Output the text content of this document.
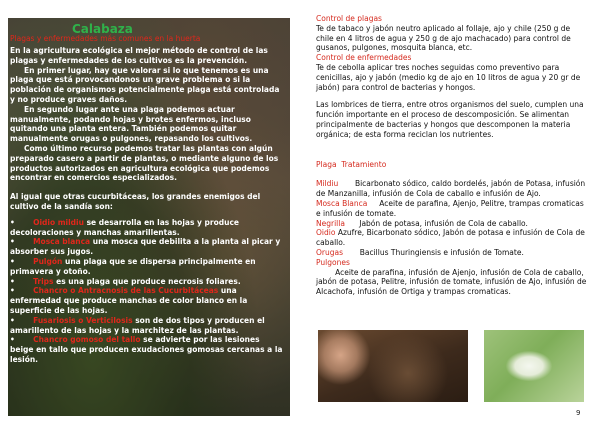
Calabaza
Plagas y enfermedades más comunes en la huerta

En la agricultura ecológica el mejor método de control de las plagas y enfermedades de los cultivos es la prevención.

En primer lugar, hay que valorar si lo que tenemos es una plaga que está provocandonos un grave problema o si la población de organismos potencialmente plaga está controlada y no produce graves daños.

En segundo lugar ante una plaga podemos actuar manualmente, podando hojas y brotes enfermos, incluso quitando una planta entera. También podemos quitar manualmente orugas o pulgones, repasando los cultivos.

Como último recurso podemos tratar las plantas con algún preparado casero a partir de plantas, o mediante alguno de los productos autorizados en agricultura ecológica que podemos encontrar en comercios especializados.

Al igual que otras cucurbitáceas, los grandes enemigos del cultivo de la sandía son:

•       Oidio mildiu se desarrolla en las hojas y produce decoloraciones y manchas amarillentas.

•       Mosca blanca una mosca que debilita a la planta al picar y absorber sus jugos.

•       Pulgón una plaga que se dispersa principalmente en primavera y otoño.

•       Trips es una plaga que produce necrosis foliares.

•       Chancro o Antracnosis de las Cucurbitáceas una enfermedad que produce manchas de color blanco en la superficie de las hojas.

•       Fusariosis o Verticilosis son de dos tipos y producen el amarillento de las hojas y la marchitez de las plantas.

•       Chancro gomoso del tallo se advierte por las lesiones beige en tallo que producen exudaciones gomosas cercanas a la lesión.

Control de plagas

Te de tabaco y jabón neutro aplicado al follaje, ajo y chile (250 g de chile en 4 litros de agua y 250 g de ajo machacado) para control de gusanos, pulgones, mosquita blanca, etc.

Control de enfermedades

Te de cebolla aplicar tres noches seguidas como preventivo para cenicillas, ajo y jabón (medio kg de ajo en 10 litros de agua y 20 gr de jabón) para control de bacterias y hongos.

Las lombrices de tierra, entre otros organismos del suelo, cumplen una función importante en el proceso de descomposición. Se alimentan principalmente de bacterias y hongos que descomponen la materia orgánica; de esta forma reciclan los nutrientes.

Plaga  Tratamiento

Mildiu Bicarbonato sódico, caldo bordelés, jabón de Potasa, infusión de Manzanilla, infusión de Cola de caballo e infusión de Ajo.

Mosca Blanca Aceite de parafina, Ajenjo, Pelitre, trampas cromaticas e infusión de tomate.

Negrilla Jabón de potasa, infusión de Cola de caballo.

Oidio Azufre, Bicarbonato sódico, Jabón de potasa e infusión de Cola de caballo.

Orugas Bacillus Thuringiensis e infusión de Tomate.

Pulgones
Aceite de parafina, infusión de Ajenjo, infusión de Cola de caballo, jabón de potasa, Pelitre, infusión de tomate, infusión de Ajo, infusión de Alcachofa, infusión de Ortiga y trampas cromaticas.

9
